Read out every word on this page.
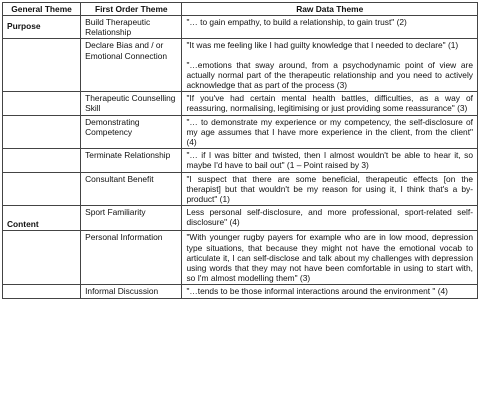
General Theme	First Order Theme	Raw Data Theme

Purpose	Build Therapeutic Relationship	"… to gain empathy, to build a relationship, to gain trust" (2)

	Declare Bias and / or Emotional Connection	"It was me feeling like I had guilty knowledge that I needed to declare" (1)
"…emotions that sway around, from a psychodynamic point of view are actually normal part of the therapeutic relationship and you need to actively acknowledge that as part of the process (3)

	Therapeutic Counselling Skill	"If you've had certain mental health battles, difficulties, as a way of reassuring, normalising, legitimising or just providing some reassurance" (3)

	Demonstrating Competency	"… to demonstrate my experience or my competency, the self-disclosure of my age assumes that I have more experience in the client, from the client" (4)

	Terminate Relationship	"… if I was bitter and twisted, then I almost wouldn't be able to hear it, so maybe I'd have to bail out" (1 – Point raised by 3)

	Consultant Benefit	"I suspect that there are some beneficial, therapeutic effects [on the therapist] but that wouldn't be my reason for using it, I think that's a by-product" (1)

Content	Sport Familiarity	Less personal self-disclosure, and more professional, sport-related self-disclosure" (4)

	Personal Information	"With younger rugby payers for example who are in low mood, depression type situations, that because they might not have the emotional vocab to articulate it, I can self-disclose and talk about my challenges with depression using words that they may not have been comfortable in using to start with, so I'm almost modelling them" (3)

	Informal Discussion	"…tends to be those informal interactions around the environment " (4)
